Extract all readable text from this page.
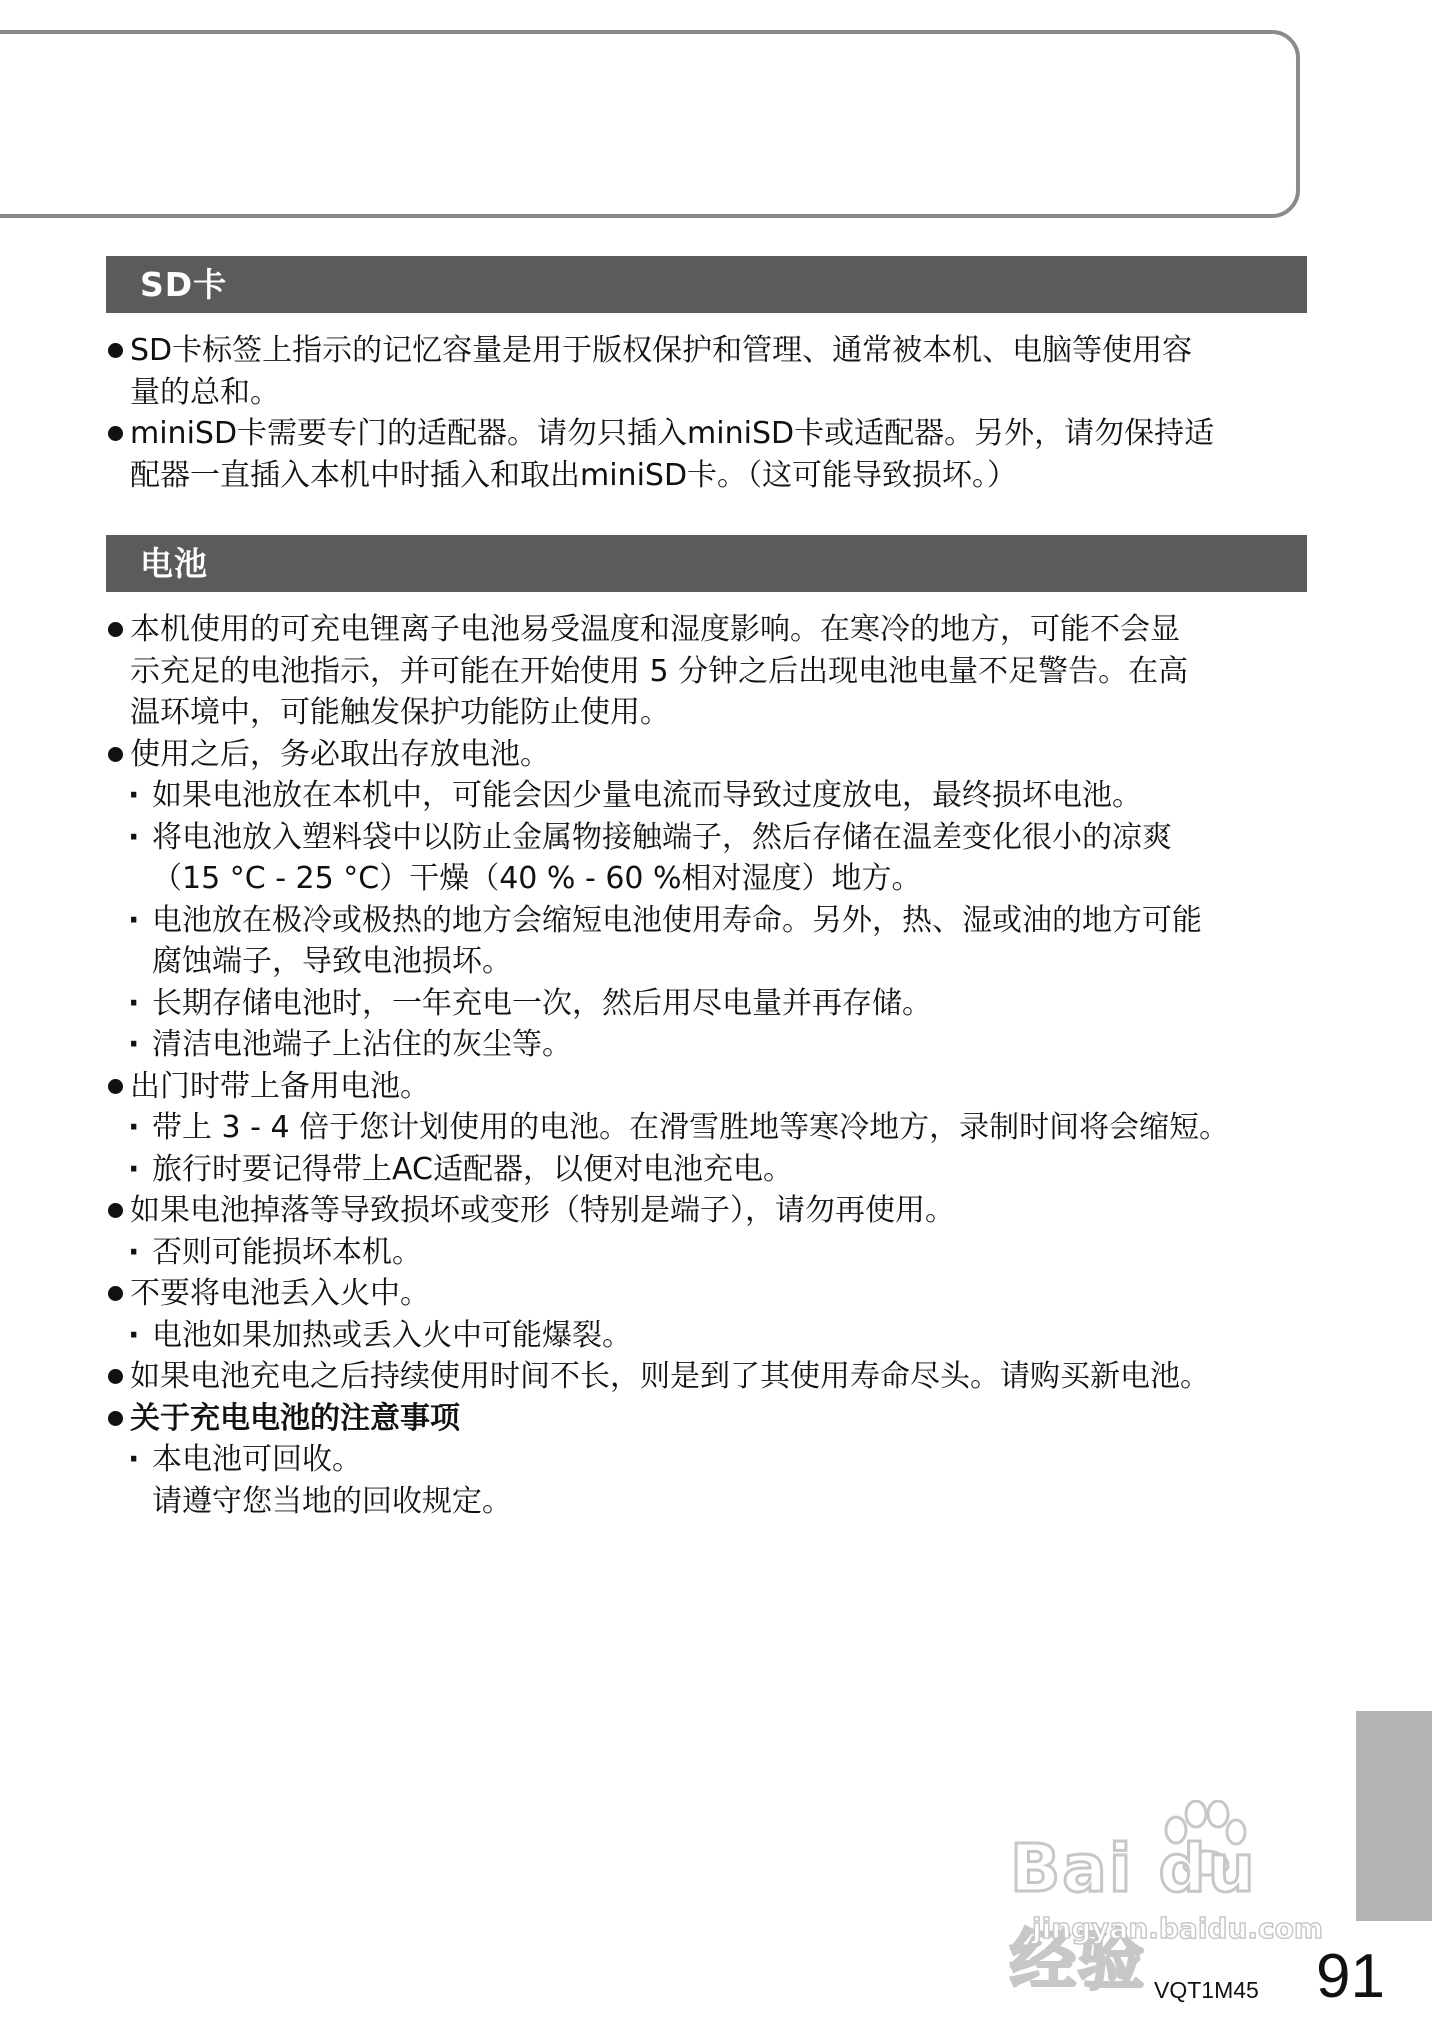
SD卡
SD卡标签上指示的记忆容量是用于版权保护和管理、通常被本机、电脑等使用容
量的总和。
miniSD卡需要专门的适配器。请勿只插入miniSD卡或适配器。另外，请勿保持适
配器一直插入本机中时插入和取出miniSD卡。（这可能导致损坏。）
电池
本机使用的可充电锂离子电池易受温度和湿度影响。在寒冷的地方，可能不会显
示充足的电池指示，并可能在开始使用 5 分钟之后出现电池电量不足警告。在高
温环境中，可能触发保护功能防止使用。
使用之后，务必取出存放电池。
· 如果电池放在本机中，可能会因少量电流而导致过度放电，最终损坏电池。
· 将电池放入塑料袋中以防止金属物接触端子，然后存储在温差变化很小的凉爽
（15 °C - 25 °C）干燥（40 % - 60 %相对湿度）地方。
· 电池放在极冷或极热的地方会缩短电池使用寿命。另外，热、湿或油的地方可能
腐蚀端子，导致电池损坏。
· 长期存储电池时，一年充电一次，然后用尽电量并再存储。
· 清洁电池端子上沾住的灰尘等。
出门时带上备用电池。
· 带上 3 - 4 倍于您计划使用的电池。在滑雪胜地等寒冷地方，录制时间将会缩短。
· 旅行时要记得带上AC适配器，以便对电池充电。
如果电池掉落等导致损坏或变形（特别是端子），请勿再使用。
· 否则可能损坏本机。
不要将电池丢入火中。
· 电池如果加热或丢入火中可能爆裂。
如果电池充电之后持续使用时间不长，则是到了其使用寿命尽头。请购买新电池。
关于充电电池的注意事项
· 本电池可回收。
请遵守您当地的回收规定。
Bai du 经验
jingyan.baidu.com
VQT1M45 91
